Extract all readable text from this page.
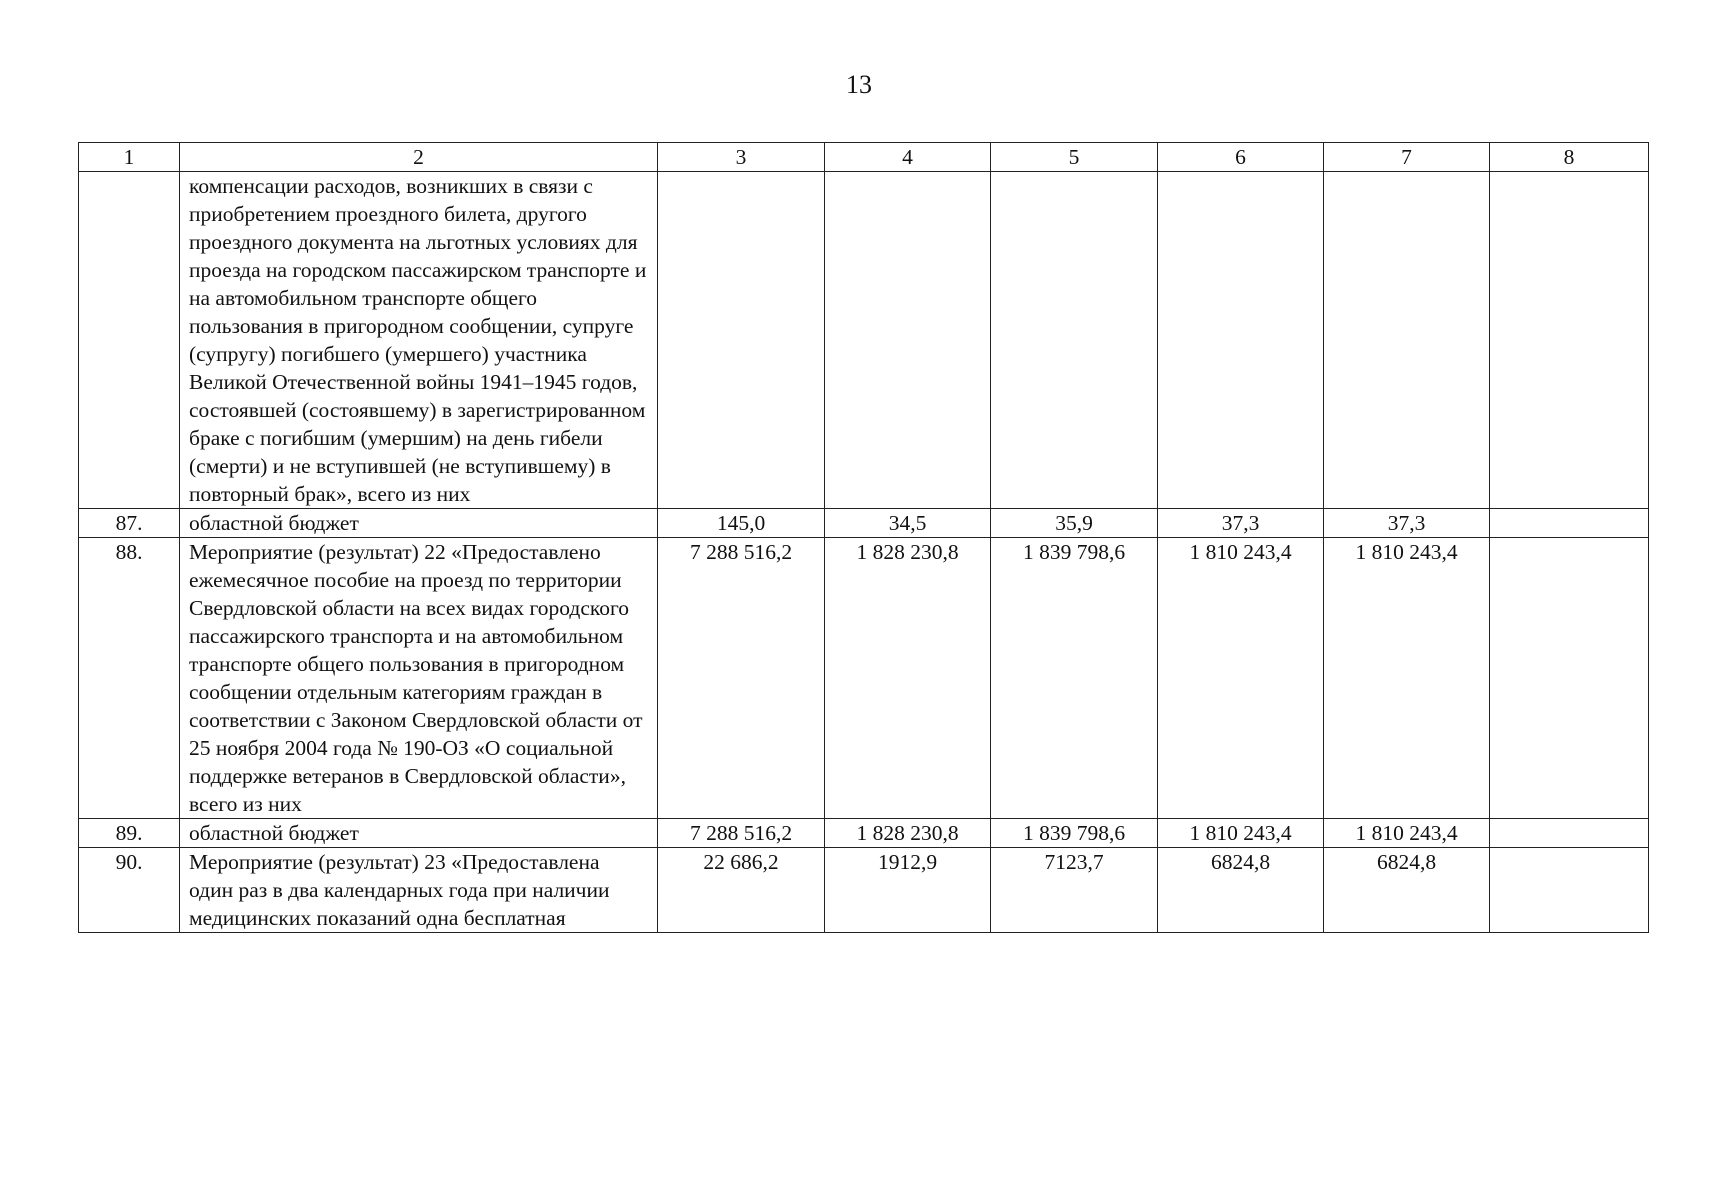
13
1	2	3	4	5	6	7	8
	компенсации расходов, возникших в связи с приобретением проездного билета, другого проездного документа на льготных условиях для проезда на городском пассажирском транспорте и на автомобильном транспорте общего пользования в пригородном сообщении, супруге (супругу) погибшего (умершего) участника Великой Отечественной войны 1941–1945 годов, состоявшей (состоявшему) в зарегистрированном браке с погибшим (умершим) на день гибели (смерти) и не вступившей (не вступившему) в повторный брак», всего из них						
87.	областной бюджет	145,0	34,5	35,9	37,3	37,3	
88.	Мероприятие (результат) 22 «Предоставлено ежемесячное пособие на проезд по территории Свердловской области на всех видах городского пассажирского транспорта и на автомобильном транспорте общего пользования в пригородном сообщении отдельным категориям граждан в соответствии с Законом Свердловской области от 25 ноября 2004 года № 190-ОЗ «О социальной поддержке ветеранов в Свердловской области», всего из них	7 288 516,2	1 828 230,8	1 839 798,6	1 810 243,4	1 810 243,4	
89.	областной бюджет	7 288 516,2	1 828 230,8	1 839 798,6	1 810 243,4	1 810 243,4	
90.	Мероприятие (результат) 23 «Предоставлена один раз в два календарных года при наличии медицинских показаний одна бесплатная	22 686,2	1912,9	7123,7	6824,8	6824,8	
